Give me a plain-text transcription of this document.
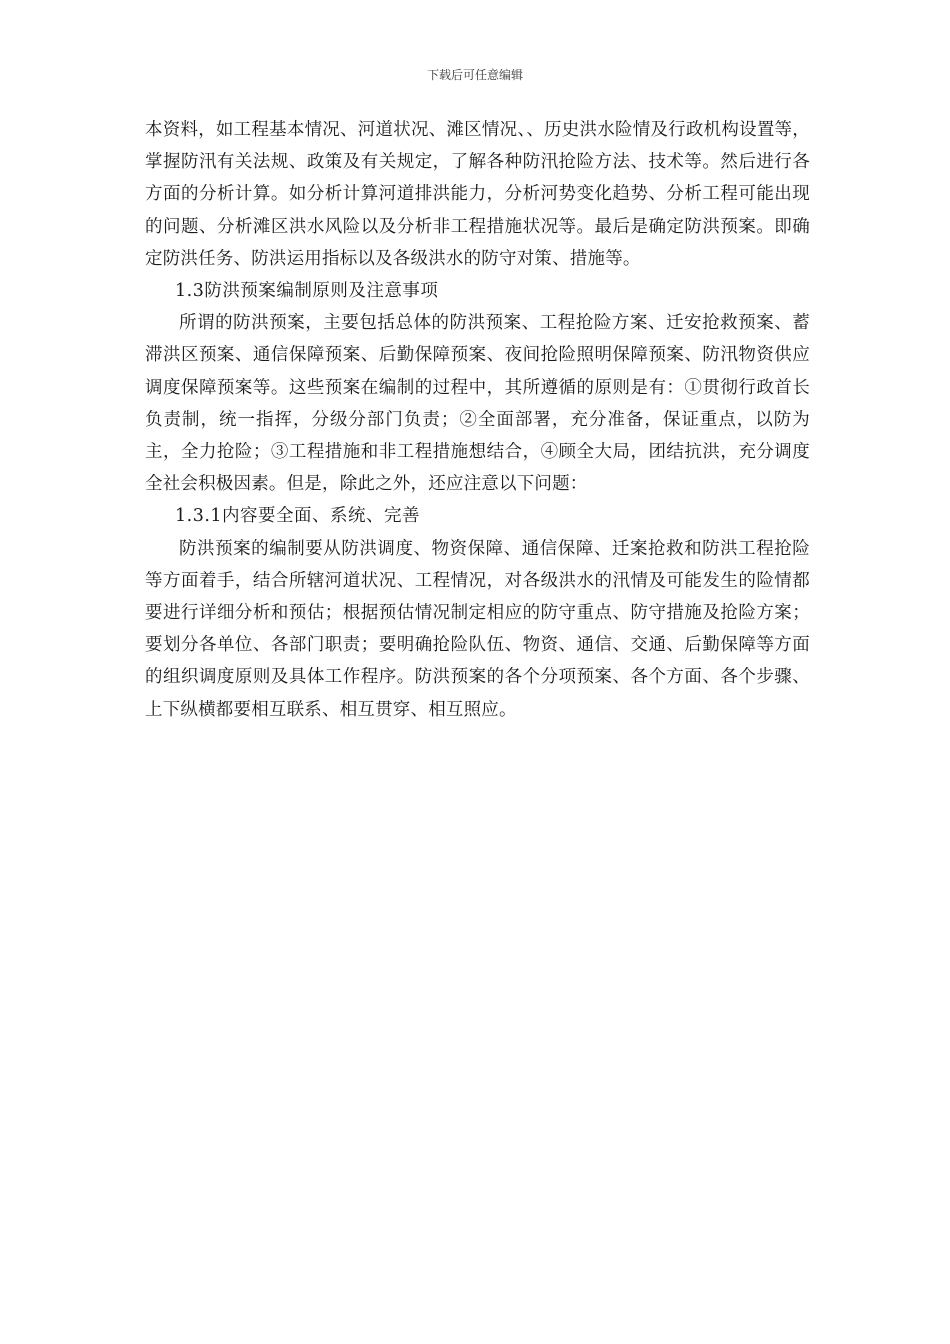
下载后可任意编辑

本资料，如工程基本情况、河道状况、滩区情况、、历史洪水险情及行政机构设置等，掌握防汛有关法规、政策及有关规定，了解各种防汛抢险方法、技术等。然后进行各方面的分析计算。如分析计算河道排洪能力，分析河势变化趋势、分析工程可能出现的问题、分析滩区洪水风险以及分析非工程措施状况等。最后是确定防洪预案。即确定防洪任务、防洪运用指标以及各级洪水的防守对策、措施等。

1.3防洪预案编制原则及注意事项

所谓的防洪预案，主要包括总体的防洪预案、工程抢险方案、迁安抢救预案、蓄滞洪区预案、通信保障预案、后勤保障预案、夜间抢险照明保障预案、防汛物资供应调度保障预案等。这些预案在编制的过程中，其所遵循的原则是有：①贯彻行政首长负责制，统一指挥，分级分部门负责；②全面部署，充分准备，保证重点，以防为主，全力抢险；③工程措施和非工程措施想结合，④顾全大局，团结抗洪，充分调度全社会积极因素。但是，除此之外，还应注意以下问题：

1.3.1内容要全面、系统、完善

防洪预案的编制要从防洪调度、物资保障、通信保障、迁案抢救和防洪工程抢险等方面着手，结合所辖河道状况、工程情况，对各级洪水的汛情及可能发生的险情都要进行详细分析和预估；根据预估情况制定相应的防守重点、防守措施及抢险方案；要划分各单位、各部门职责；要明确抢险队伍、物资、通信、交通、后勤保障等方面的组织调度原则及具体工作程序。防洪预案的各个分项预案、各个方面、各个步骤、上下纵横都要相互联系、相互贯穿、相互照应。
